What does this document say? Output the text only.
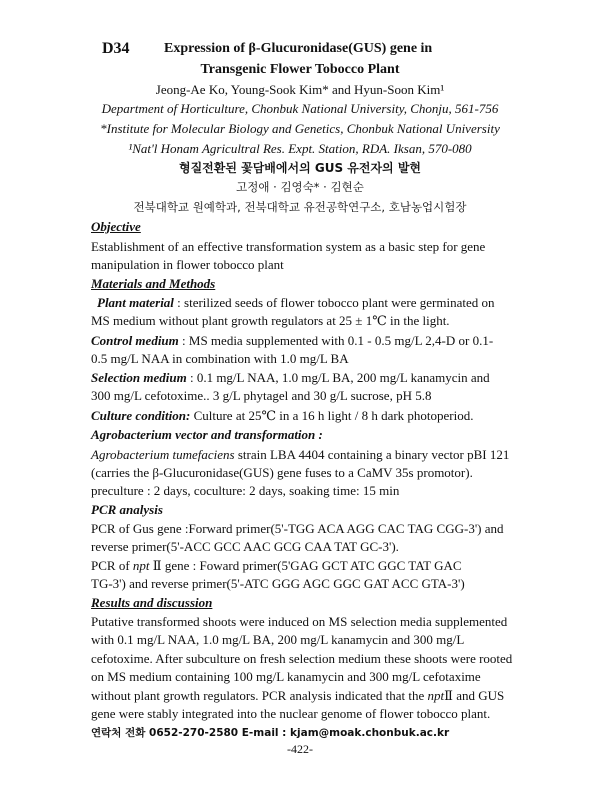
D34 Expression of β-Glucuronidase(GUS) gene in
Transgenic Flower Tobocco Plant
Jeong-Ae Ko, Young-Sook Kim* and Hyun-Soon Kim¹
Department of Horticulture, Chonbuk National University, Chonju, 561-756
*Institute for Molecular Biology and Genetics, Chonbuk National University
¹Nat'l Honam Agricultral Res. Expt. Station, RDA. Iksan, 570-080
형질전환된 꽃담배에서의 GUS 유전자의 발현
고정애 · 김영숙* · 김현순
전북대학교 원예학과, 전북대학교 유전공학연구소, 호남농업시험장
Objective
Establishment of an effective transformation system as a basic step for gene
manipulation in flower tobocco plant
Materials and Methods
Plant material : sterilized seeds of flower tobocco plant were germinated on
MS medium without plant growth regulators at 25 ± 1℃ in the light.
Control medium : MS media supplemented with 0.1 - 0.5 mg/L 2,4-D or 0.1-
0.5 mg/L NAA in combination with 1.0 mg/L BA
Selection medium : 0.1 mg/L NAA, 1.0 mg/L BA, 200 mg/L kanamycin and
300 mg/L cefotoxime.. 3 g/L phytagel and 30 g/L sucrose, pH 5.8
Culture condition: Culture at 25℃ in a 16 h light / 8 h dark photoperiod.
Agrobacterium vector and transformation :
Agrobacterium tumefaciens strain LBA 4404 containing a binary vector pBI 121
(carries the β-Glucuronidase(GUS) gene fuses to a CaMV 35s promotor).
preculture : 2 days, coculture: 2 days, soaking time: 15 min
PCR analysis
PCR of Gus gene :Forward primer(5'-TGG ACA AGG CAC TAG CGG-3') and
reverse primer(5'-ACC GCC AAC GCG CAA TAT GC-3').
PCR of npt Ⅱ gene : Foward primer(5'GAG GCT ATC GGC TAT GAC
TG-3') and reverse primer(5'-ATC GGG AGC GGC GAT ACC GTA-3')
Results and discussion
Putative transformed shoots were induced on MS selection media supplemented
with 0.1 mg/L NAA, 1.0 mg/L BA, 200 mg/L kanamycin and 300 mg/L
cefotoxime. After subculture on fresh selection medium these shoots were rooted
on MS medium containing 100 mg/L kanamycin and 300 mg/L cefotaxime
without plant growth regulators. PCR analysis indicated that the nptⅡ and GUS
gene were stably integrated into the nuclear genome of flower tobocco plant.
연락처 전화 0652-270-2580 E-mail : kjam@moak.chonbuk.ac.kr
-422-
